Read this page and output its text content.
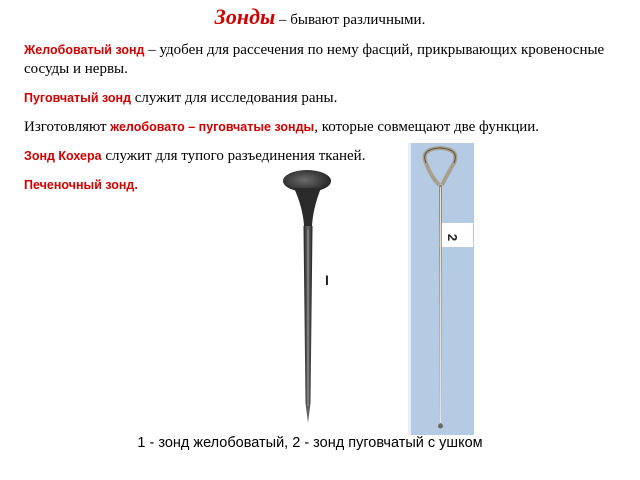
Зонды – бывают различными.
Желобоватый зонд – удобен для рассечения по нему фасций, прикрывающих кровеносные сосуды и нервы.
Пуговчатый зонд служит для исследования раны.
Изготовляют желобовато – пуговчатые зонды, которые совмещают две функции.
Зонд Кохера служит для тупого разъединения тканей.
Печеночный зонд.
I
2
1 - зонд желобоватый, 2 - зонд пуговчатый с ушком
